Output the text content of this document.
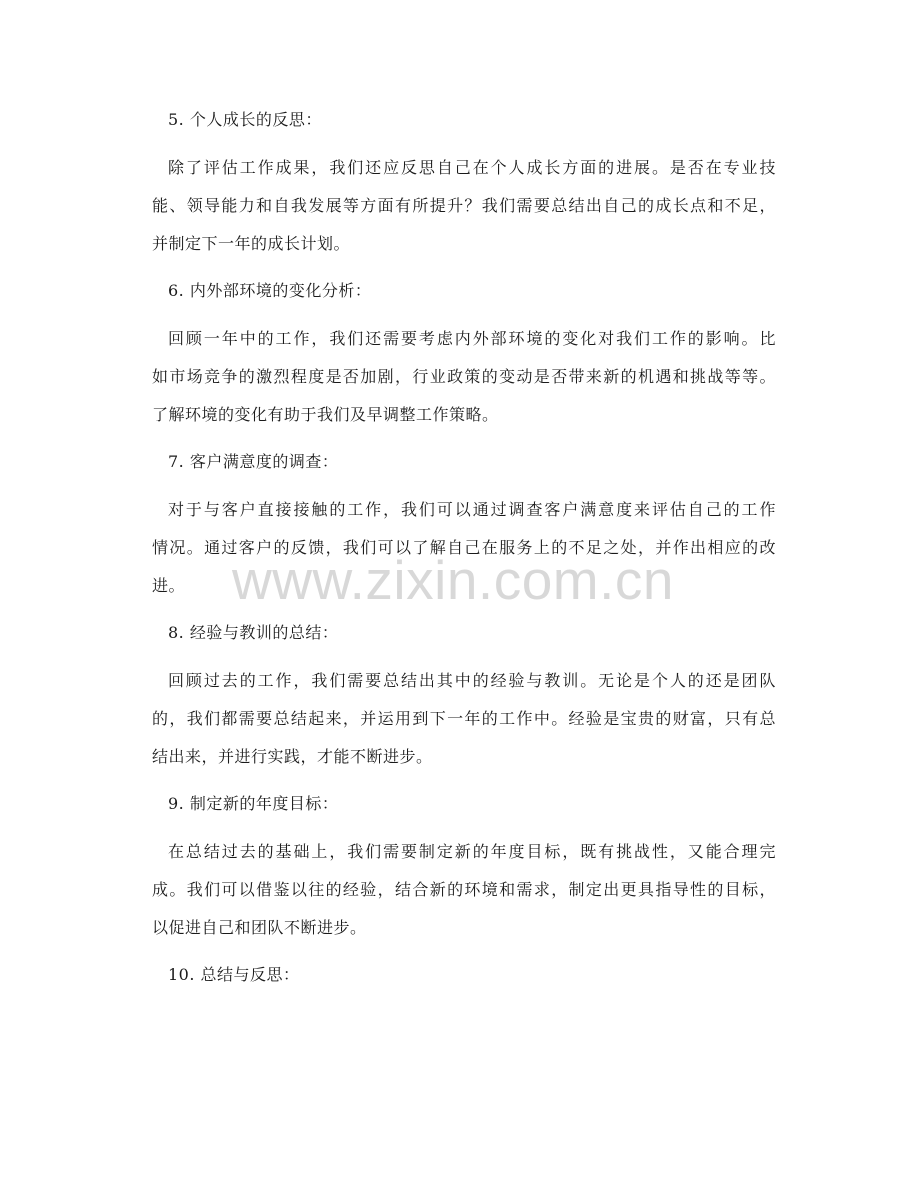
www.zixin.com.cn
5. 个人成长的反思：
除了评估工作成果，我们还应反思自己在个人成长方面的进展。是否在专业技
能、领导能力和自我发展等方面有所提升？我们需要总结出自己的成长点和不足，
并制定下一年的成长计划。
6. 内外部环境的变化分析：
回顾一年中的工作，我们还需要考虑内外部环境的变化对我们工作的影响。比
如市场竞争的激烈程度是否加剧，行业政策的变动是否带来新的机遇和挑战等等。
了解环境的变化有助于我们及早调整工作策略。
7. 客户满意度的调查：
对于与客户直接接触的工作，我们可以通过调查客户满意度来评估自己的工作
情况。通过客户的反馈，我们可以了解自己在服务上的不足之处，并作出相应的改
进。
8. 经验与教训的总结：
回顾过去的工作，我们需要总结出其中的经验与教训。无论是个人的还是团队
的，我们都需要总结起来，并运用到下一年的工作中。经验是宝贵的财富，只有总
结出来，并进行实践，才能不断进步。
9. 制定新的年度目标：
在总结过去的基础上，我们需要制定新的年度目标，既有挑战性，又能合理完
成。我们可以借鉴以往的经验，结合新的环境和需求，制定出更具指导性的目标，
以促进自己和团队不断进步。
10. 总结与反思：
